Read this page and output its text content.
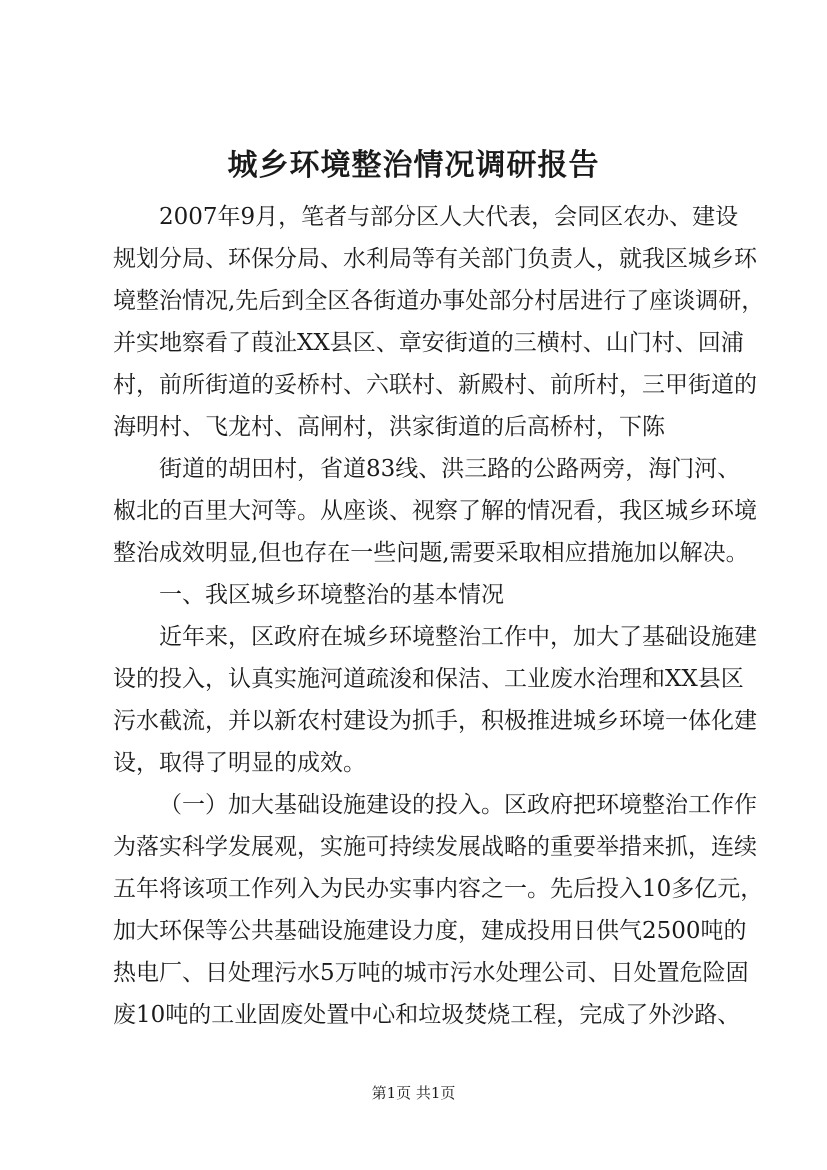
城乡环境整治情况调研报告
2007年9月，笔者与部分区人大代表，会同区农办、建设
规划分局、环保分局、水利局等有关部门负责人，就我区城乡环
境整治情况,先后到全区各街道办事处部分村居进行了座谈调研，
并实地察看了葭沚XX县区、章安街道的三横村、山门村、回浦
村，前所街道的妥桥村、六联村、新殿村、前所村，三甲街道的
海明村、飞龙村、高闸村，洪家街道的后高桥村，下陈
街道的胡田村，省道83线、洪三路的公路两旁，海门河、
椒北的百里大河等。从座谈、视察了解的情况看，我区城乡环境
整治成效明显,但也存在一些问题,需要采取相应措施加以解决。
一、我区城乡环境整治的基本情况
近年来，区政府在城乡环境整治工作中，加大了基础设施建
设的投入，认真实施河道疏浚和保洁、工业废水治理和XX县区
污水截流，并以新农村建设为抓手，积极推进城乡环境一体化建
设，取得了明显的成效。
（一）加大基础设施建设的投入。区政府把环境整治工作作
为落实科学发展观，实施可持续发展战略的重要举措来抓，连续
五年将该项工作列入为民办实事内容之一。先后投入10多亿元，
加大环保等公共基础设施建设力度，建成投用日供气2500吨的
热电厂、日处理污水5万吨的城市污水处理公司、日处置危险固
废10吨的工业固废处置中心和垃圾焚烧工程，完成了外沙路、
第1页 共1页
